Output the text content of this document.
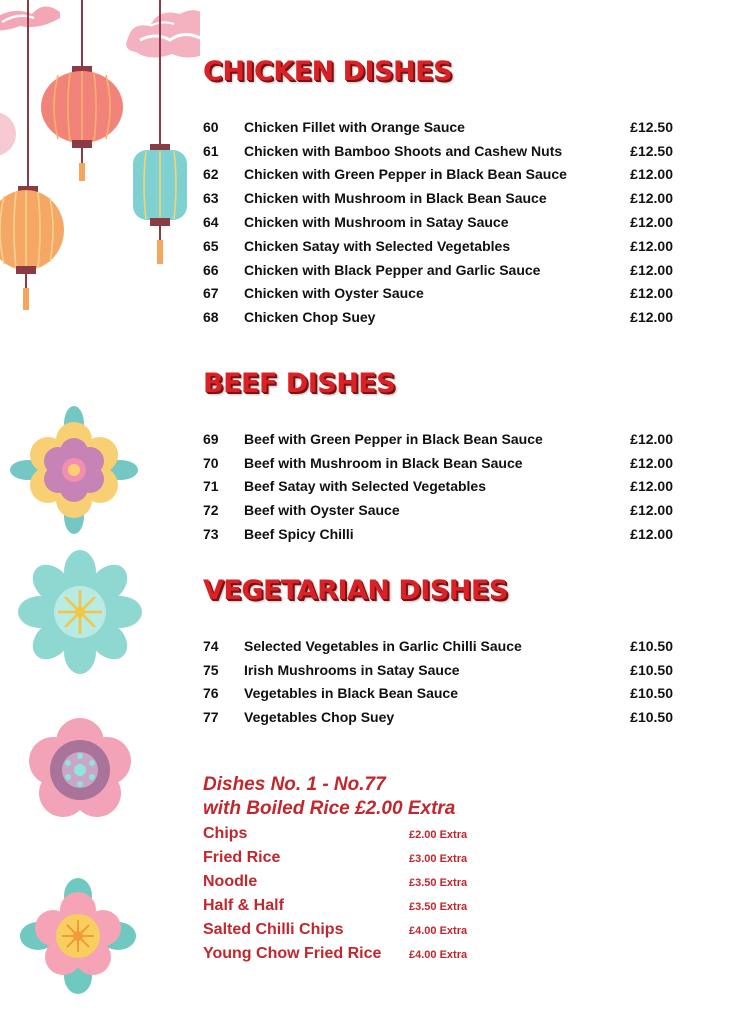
CHICKEN DISHES
60	Chicken Fillet with Orange Sauce	£12.50
61	Chicken with Bamboo Shoots and Cashew Nuts	£12.50
62	Chicken with Green Pepper in Black Bean Sauce	£12.00
63	Chicken with Mushroom in Black Bean Sauce	£12.00
64	Chicken with Mushroom in Satay Sauce	£12.00
65	Chicken Satay with Selected Vegetables	£12.00
66	Chicken with Black Pepper and Garlic Sauce	£12.00
67	Chicken with Oyster Sauce	£12.00
68	Chicken Chop Suey	£12.00
BEEF DISHES
69	Beef with Green Pepper in Black Bean Sauce	£12.00
70	Beef with Mushroom in Black Bean Sauce	£12.00
71	Beef Satay with Selected Vegetables	£12.00
72	Beef with Oyster Sauce	£12.00
73	Beef Spicy Chilli	£12.00
VEGETARIAN DISHES
74	Selected Vegetables in Garlic Chilli Sauce	£10.50
75	Irish Mushrooms in Satay Sauce	£10.50
76	Vegetables in Black Bean Sauce	£10.50
77	Vegetables Chop Suey	£10.50
Dishes No. 1 - No.77
with Boiled Rice £2.00 Extra
Chips	£2.00 Extra
Fried Rice	£3.00 Extra
Noodle	£3.50 Extra
Half & Half	£3.50 Extra
Salted Chilli Chips	£4.00 Extra
Young Chow Fried Rice	£4.00 Extra
